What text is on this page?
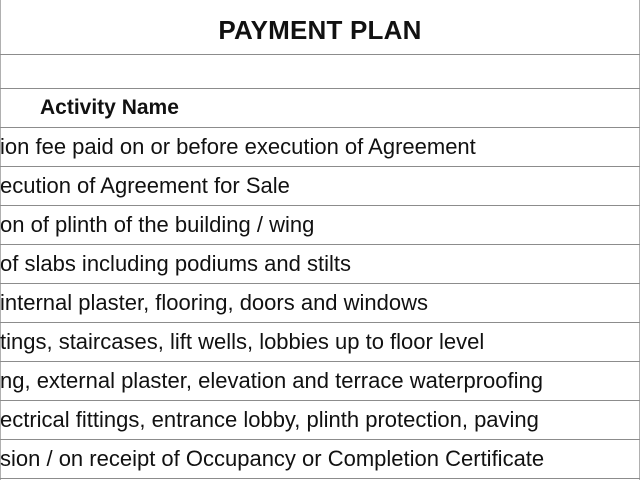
PAYMENT PLAN
Activity Name
ion fee paid on or before execution of Agreement
ecution of Agreement for Sale
on of plinth of the building / wing
of slabs including podiums and stilts
internal plaster, flooring, doors and windows
tings, staircases, lift wells, lobbies up to floor level
ng, external plaster, elevation and terrace waterproofing
ectrical fittings, entrance lobby, plinth protection, paving
sion / on receipt of Occupancy or Completion Certificate
